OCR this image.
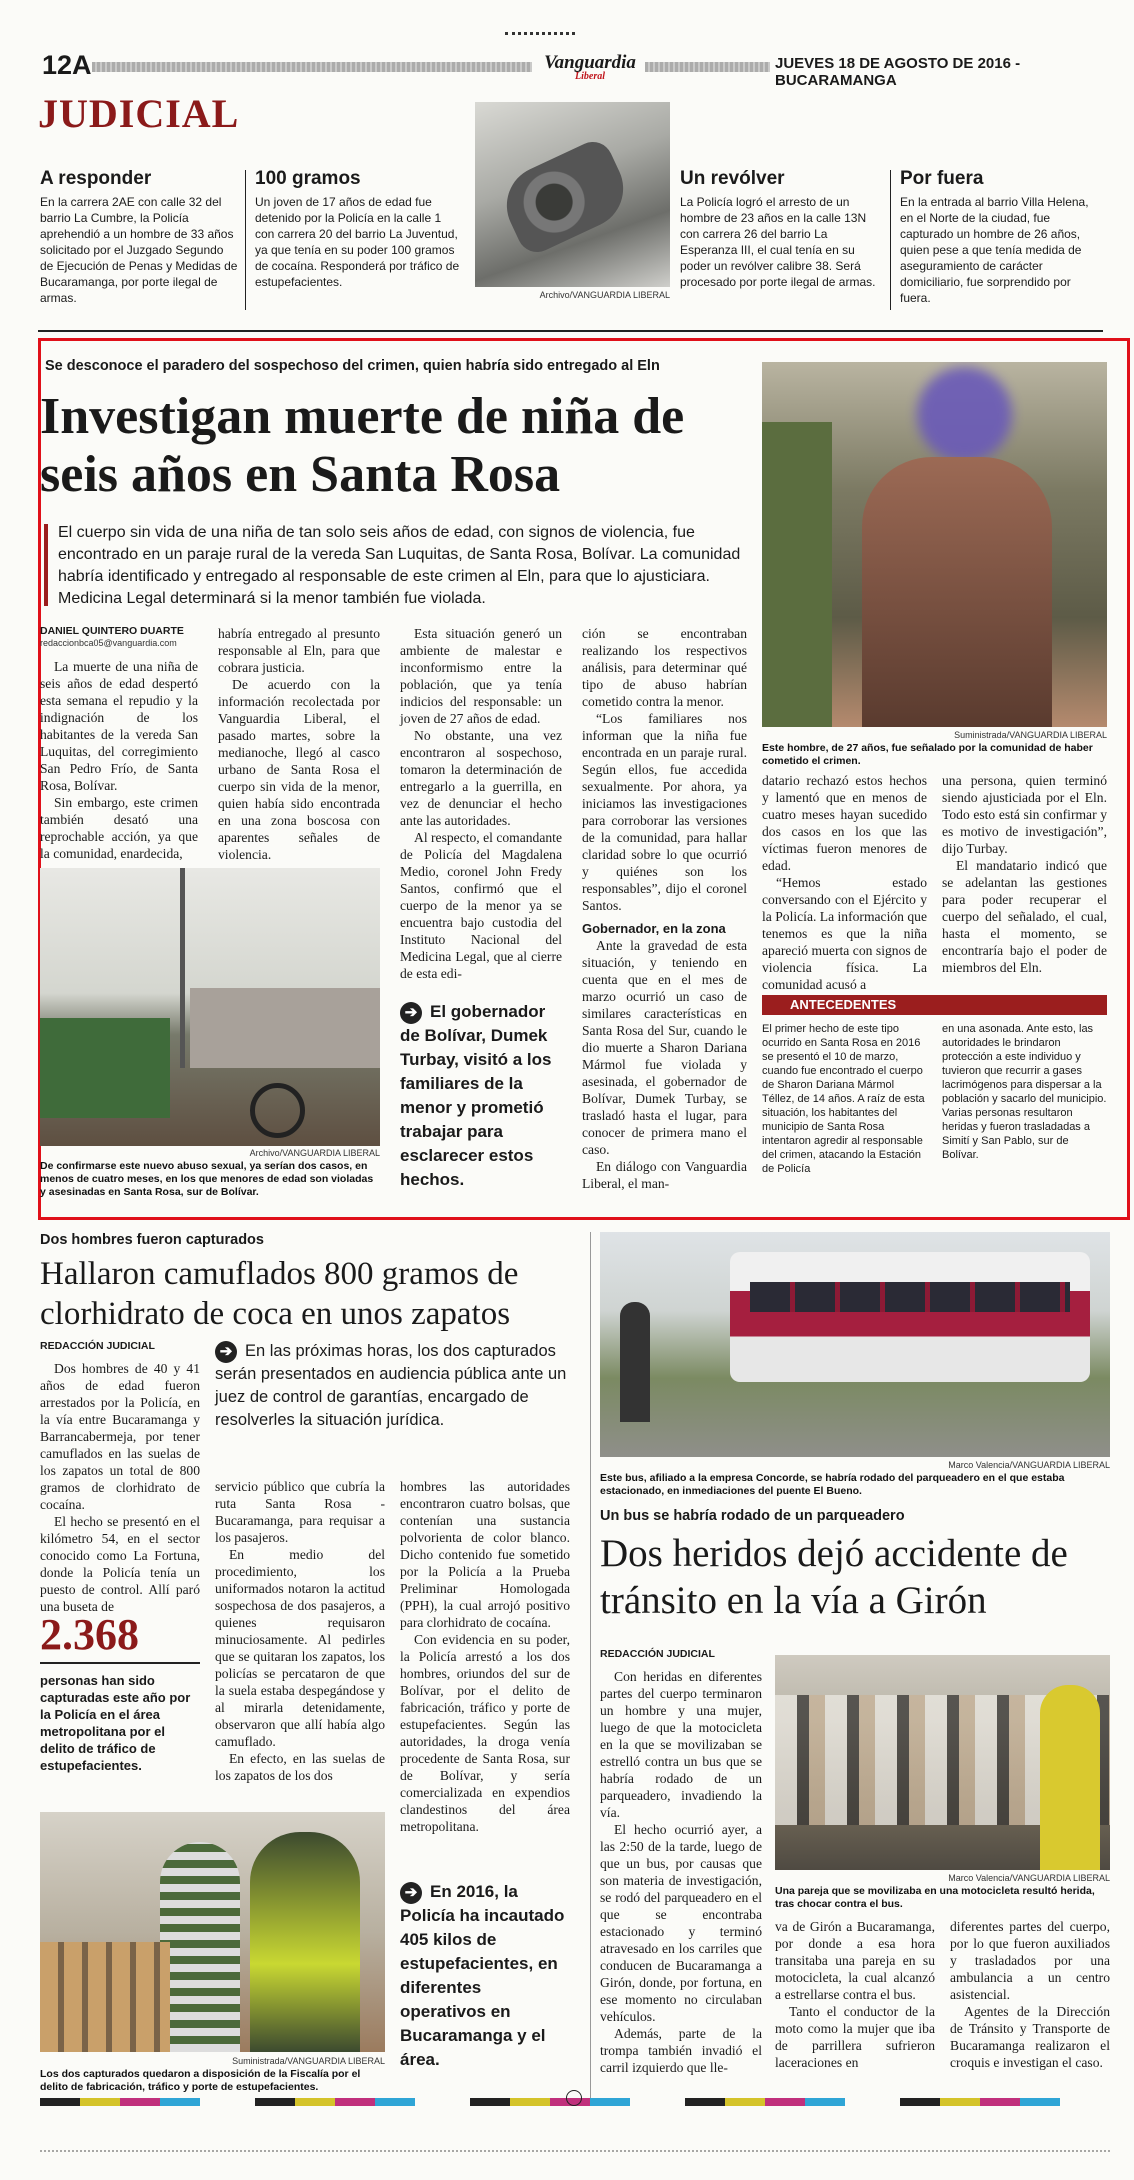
12A	Vanguardia
Liberal
JUEVES 18 DE AGOSTO DE 2016 - BUCARAMANGA
JUDICIAL
A responder

En la carrera 2AE con calle 32 del barrio La Cumbre, la Policía aprehendió a un hombre de 33 años solicitado por el Juzgado Segundo de Ejecución de Penas y Medidas de Bucaramanga, por porte ilegal de armas.

100 gramos

Un joven de 17 años de edad fue detenido por la Policía en la calle 1 con carrera 20 del barrio La Juventud, ya que tenía en su poder 100 gramos de cocaína. Responderá por tráfico de estupefacientes.

Archivo/VANGUARDIA LIBERAL
Un revólver

La Policía logró el arresto de un hombre de 23 años en la calle 13N con carrera 26 del barrio La Esperanza III, el cual tenía en su poder un revólver calibre 38. Será procesado por porte ilegal de armas.

Por fuera

En la entrada al barrio Villa Helena, en el Norte de la ciudad, fue capturado un hombre de 26 años, quien pese a que tenía medida de aseguramiento de carácter domiciliario, fue sorprendido por fuera.

Se desconoce el paradero del sospechoso del crimen, quien habría sido entregado al Eln
Investigan muerte de niña de seis años en Santa Rosa
El cuerpo sin vida de una niña de tan solo seis años de edad, con signos de violencia, fue encontrado en un paraje rural de la vereda San Luquitas, de Santa Rosa, Bolívar. La comunidad habría identificado y entregado al responsable de este crimen al Eln, para que lo ajusticiara. Medicina Legal determinará si la menor también fue violada.
Suministrada/VANGUARDIA LIBERAL
Este hombre, de 27 años, fue señalado por la comunidad de haber cometido el crimen.
DANIEL QUINTERO DUARTE
redaccionbca05@vanguardia.com

La muerte de una niña de seis años de edad despertó esta semana el repudio y la indignación de los habitantes de la vereda San Luquitas, del corregimiento San Pedro Frío, de Santa Rosa, Bolívar.

Sin embargo, este crimen también desató una reprochable acción, ya que la comunidad, enardecida,

habría entregado al presunto responsable al Eln, para que cobrara justicia.

De acuerdo con la información recolectada por Vanguardia Liberal, el pasado martes, sobre la medianoche, llegó al casco urbano de Santa Rosa el cuerpo sin vida de la menor, quien había sido encontrada en una zona boscosa con aparentes señales de violencia.

Archivo/VANGUARDIA LIBERAL
De confirmarse este nuevo abuso sexual, ya serían dos casos, en menos de cuatro meses, en los que menores de edad son violadas y asesinadas en Santa Rosa, sur de Bolívar.

Esta situación generó un ambiente de malestar e inconformismo entre la población, que ya tenía indicios del responsable: un joven de 27 años de edad.

No obstante, una vez encontraron al sospechoso, tomaron la determinación de entregarlo a la guerrilla, en vez de denunciar el hecho ante las autoridades.

Al respecto, el comandante de Policía del Magdalena Medio, coronel John Fredy Santos, confirmó que el cuerpo de la menor ya se encuentra bajo custodia del Instituto Nacional del Medicina Legal, que al cierre de esta edi-

➔ El gobernador de Bolívar, Dumek Turbay, visitó a los familiares de la menor y prometió trabajar para esclarecer estos hechos.

ción se encontraban realizando los respectivos análisis, para determinar qué tipo de abuso habrían cometido contra la menor.

“Los familiares nos informan que la niña fue encontrada en un paraje rural. Según ellos, fue accedida sexualmente. Por ahora, ya iniciamos las investigaciones para corroborar las versiones de la comunidad, para hallar claridad sobre lo que ocurrió y quiénes son los responsables”, dijo el coronel Santos.

Gobernador, en la zona

Ante la gravedad de esta situación, y teniendo en cuenta que en el mes de marzo ocurrió un caso de similares características en Santa Rosa del Sur, cuando le dio muerte a Sharon Dariana Mármol fue violada y asesinada, el gobernador de Bolívar, Dumek Turbay, se trasladó hasta el lugar, para conocer de primera mano el caso.

En diálogo con Vanguardia Liberal, el man-

datario rechazó estos hechos y lamentó que en menos de cuatro meses hayan sucedido dos casos en los que las víctimas fueron menores de edad.

“Hemos estado conversando con el Ejército y la Policía. La información que tenemos es que la niña apareció muerta con signos de violencia física. La comunidad acusó a

una persona, quien terminó siendo ajusticiada por el Eln. Todo esto está sin confirmar y es motivo de investigación”, dijo Turbay.

El mandatario indicó que se adelantan las gestiones para poder recuperar el cuerpo del señalado, el cual, hasta el momento, se encontraría bajo el poder de miembros del Eln.

ANTECEDENTES
El primer hecho de este tipo ocurrido en Santa Rosa en 2016 se presentó el 10 de marzo, cuando fue encontrado el cuerpo de Sharon Dariana Mármol Téllez, de 14 años. A raíz de esta situación, los habitantes del municipio de Santa Rosa intentaron agredir al responsable del crimen, atacando la Estación de Policía
en una asonada. Ante esto, las autoridades le brindaron protección a este individuo y tuvieron que recurrir a gases lacrimógenos para dispersar a la población y sacarlo del municipio. Varias personas resultaron heridas y fueron trasladadas a Simití y San Pablo, sur de Bolívar.
Dos hombres fueron capturados
Hallaron camuflados 800 gramos de clorhidrato de coca en unos zapatos
REDACCIÓN JUDICIAL

Dos hombres de 40 y 41 años de edad fueron arrestados por la Policía, en la vía entre Bucaramanga y Barrancabermeja, por tener camuflados en las suelas de los zapatos un total de 800 gramos de clorhidrato de cocaína.

El hecho se presentó en el kilómetro 54, en el sector conocido como La Fortuna, donde la Policía tenía un puesto de control. Allí paró una buseta de

2.368
personas han sido capturadas este año por la Policía en el área metropolitana por el delito de tráfico de estupefacientes.
➔ En las próximas horas, los dos capturados serán presentados en audiencia pública ante un juez de control de garantías, encargado de resolverles la situación jurídica.

servicio público que cubría la ruta Santa Rosa - Bucaramanga, para requisar a los pasajeros.

En medio del procedimiento, los uniformados notaron la actitud sospechosa de dos pasajeros, a quienes requisaron minuciosamente. Al pedirles que se quitaran los zapatos, los policías se percataron de que la suela estaba despegándose y al mirarla detenidamente, observaron que allí había algo camuflado.

En efecto, en las suelas de los zapatos de los dos

hombres las autoridades encontraron cuatro bolsas, que contenían una sustancia polvorienta de color blanco. Dicho contenido fue sometido por la Policía a la Prueba Preliminar Homologada (PPH), la cual arrojó positivo para clorhidrato de cocaína.

Con evidencia en su poder, la Policía arrestó a los dos hombres, oriundos del sur de Bolívar, por el delito de fabricación, tráfico y porte de estupefacientes. Según las autoridades, la droga venía procedente de Santa Rosa, sur de Bolívar, y sería comercializada en expendios clandestinos del área metropolitana.

Suministrada/VANGUARDIA LIBERAL
Los dos capturados quedaron a disposición de la Fiscalía por el delito de fabricación, tráfico y porte de estupefacientes.
➔ En 2016, la Policía ha incautado 405 kilos de estupefacientes, en diferentes operativos en Bucaramanga y el área.
Marco Valencia/VANGUARDIA LIBERAL
Este bus, afiliado a la empresa Concorde, se habría rodado del parqueadero en el que estaba estacionado, en inmediaciones del puente El Bueno.
Un bus se habría rodado de un parqueadero
Dos heridos dejó accidente de tránsito en la vía a Girón
REDACCIÓN JUDICIAL

Con heridas en diferentes partes del cuerpo terminaron un hombre y una mujer, luego de que la motocicleta en la que se movilizaban se estrelló contra un bus que se habría rodado de un parqueadero, invadiendo la vía.

El hecho ocurrió ayer, a las 2:50 de la tarde, luego de que un bus, por causas que son materia de investigación, se rodó del parqueadero en el que se encontraba estacionado y terminó atravesado en los carriles que conducen de Bucaramanga a Girón, donde, por fortuna, en ese momento no circulaban vehículos.

Además, parte de la trompa también invadió el carril izquierdo que lle-

Marco Valencia/VANGUARDIA LIBERAL
Una pareja que se movilizaba en una motocicleta resultó herida, tras chocar contra el bus.

va de Girón a Bucaramanga, por donde a esa hora transitaba una pareja en su motocicleta, la cual alcanzó a estrellarse contra el bus.

Tanto el conductor de la moto como la mujer que iba de parrillera sufrieron laceraciones en

diferentes partes del cuerpo, por lo que fueron auxiliados y trasladados por una ambulancia a un centro asistencial.

Agentes de la Dirección de Tránsito y Transporte de Bucaramanga realizaron el croquis e investigan el caso.
